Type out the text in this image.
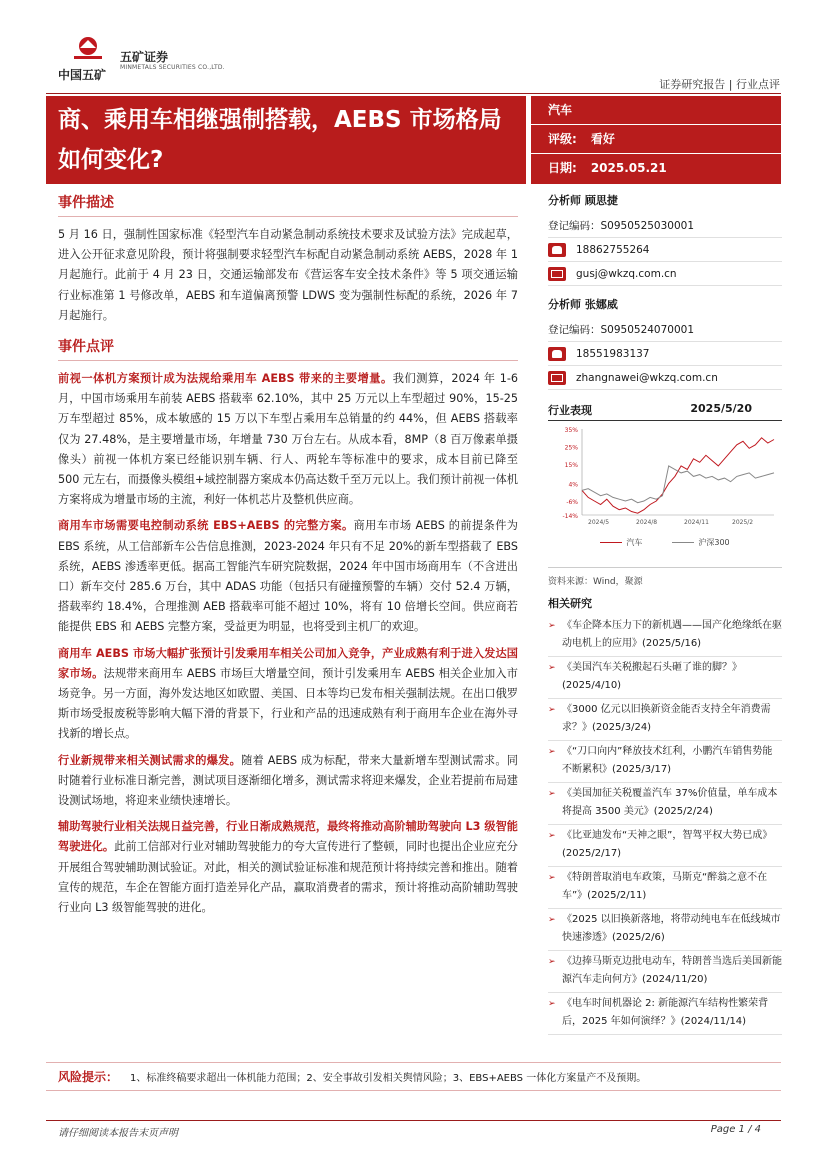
中国五矿
五矿证券
MINMETALS SECURITIES CO.,LTD.
证券研究报告 | 行业点评
商、乘用车相继强制搭载，AEBS 市场格局如何变化?
汽车
评级: 看好
日期: 2025.05.21
事件描述

5 月 16 日，强制性国家标准《轻型汽车自动紧急制动系统技术要求及试验方法》完成起草，进入公开征求意见阶段，预计将强制要求轻型汽车标配自动紧急制动系统 AEBS，2028 年 1 月起施行。此前于 4 月 23 日，交通运输部发布《营运客车安全技术条件》等 5 项交通运输行业标准第 1 号修改单，AEBS 和车道偏离预警 LDWS 变为强制性标配的系统，2026 年 7 月起施行。

事件点评

前视一体机方案预计成为法规给乘用车 AEBS 带来的主要增量。我们测算，2024 年 1-6 月，中国市场乘用车前装 AEBS 搭载率 62.10%，其中 25 万元以上车型超过 90%，15-25 万车型超过 85%，成本敏感的 15 万以下车型占乘用车总销量的约 44%，但 AEBS 搭载率仅为 27.48%，是主要增量市场，年增量 730 万台左右。从成本看，8MP（8 百万像素单摄像头）前视一体机方案已经能识别车辆、行人、两轮车等标准中的要求，成本目前已降至 500 元左右，而摄像头模组+域控制器方案成本仍高达数千至万元以上。我们预计前视一体机方案将成为增量市场的主流，利好一体机芯片及整机供应商。

商用车市场需要电控制动系统 EBS+AEBS 的完整方案。商用车市场 AEBS 的前提条件为 EBS 系统，从工信部新车公告信息推测，2023-2024 年只有不足 20%的新车型搭载了 EBS 系统，AEBS 渗透率更低。据高工智能汽车研究院数据，2024 年中国市场商用车（不含进出口）新车交付 285.6 万台，其中 ADAS 功能（包括只有碰撞预警的车辆）交付 52.4 万辆，搭载率约 18.4%，合理推测 AEB 搭载率可能不超过 10%，将有 10 倍增长空间。供应商若能提供 EBS 和 AEBS 完整方案，受益更为明显，也将受到主机厂的欢迎。

商用车 AEBS 市场大幅扩张预计引发乘用车相关公司加入竞争，产业成熟有利于进入发达国家市场。法规带来商用车 AEBS 市场巨大增量空间，预计引发乘用车 AEBS 相关企业加入市场竞争。另一方面，海外发达地区如欧盟、美国、日本等均已发布相关强制法规。在出口俄罗斯市场受报废税等影响大幅下滑的背景下，行业和产品的迅速成熟有利于商用车企业在海外寻找新的增长点。

行业新规带来相关测试需求的爆发。随着 AEBS 成为标配，带来大量新增车型测试需求。同时随着行业标准日渐完善，测试项目逐渐细化增多，测试需求将迎来爆发，企业若提前布局建设测试场地，将迎来业绩快速增长。

辅助驾驶行业相关法规日益完善，行业日渐成熟规范，最终将推动高阶辅助驾驶向 L3 级智能驾驶进化。此前工信部对行业对辅助驾驶能力的夸大宣传进行了整顿，同时也提出企业应充分开展组合驾驶辅助测试验证。对此，相关的测试验证标准和规范预计将持续完善和推出。随着宣传的规范，车企在智能方面打造差异化产品，赢取消费者的需求，预计将推动高阶辅助驾驶行业向 L3 级智能驾驶的进化。

分析师 顾思捷
登记编码：S0950525030001
18862755264
gusj@wkzq.com.cn
分析师 张娜威
登记编码：S0950524070001
18551983137
zhangnawei@wkzq.com.cn
行业表现	2025/5/20
35%
25%
15%
4%
-6%
-14%
2024/5	2024/8	2024/11	2025/2
汽车	沪深300
资料来源：Wind，聚源
相关研究
➢ 《车企降本压力下的新机遇——国产化绝缘纸在驱动电机上的应用》(2025/5/16)
➢ 《美国汽车关税搬起石头砸了谁的脚？》(2025/4/10)
➢ 《3000 亿元以旧换新资金能否支持全年消费需求？》(2025/3/24)
➢ 《“刀口向内”释放技术红利，小鹏汽车销售势能不断累积》(2025/3/17)
➢ 《美国加征关税覆盖汽车 37%价值量，单车成本将提高 3500 美元》(2025/2/24)
➢ 《比亚迪发布“天神之眼”，智驾平权大势已成》(2025/2/17)
➢ 《特朗普取消电车政策，马斯克“醉翁之意不在车”》(2025/2/11)
➢ 《2025 以旧换新落地，将带动纯电车在低线城市快速渗透》(2025/2/6)
➢ 《边捧马斯克边批电动车，特朗普当选后美国新能源汽车走向何方》(2024/11/20)
➢ 《电车时间机器论 2: 新能源汽车结构性繁荣背后，2025 年如何演绎？》(2024/11/14)
风险提示： 1、标准终稿要求超出一体机能力范围；2、安全事故引发相关舆情风险；3、EBS+AEBS 一体化方案量产不及预期。
请仔细阅读本报告末页声明	Page 1 / 4
